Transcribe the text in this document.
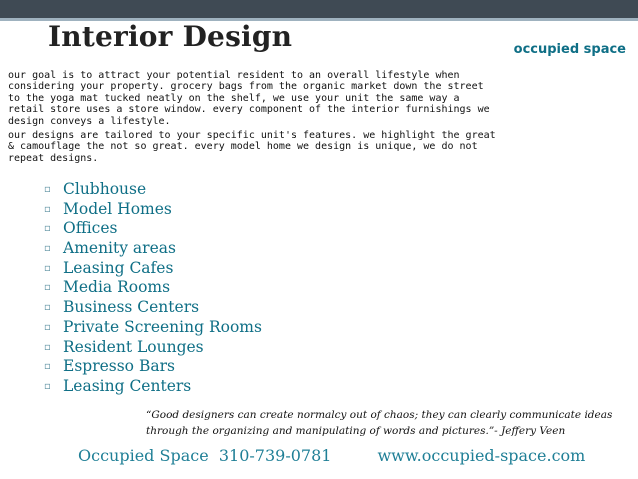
Interior Design	occupied space

our goal is to attract your potential resident to an overall lifestyle when considering your property. grocery bags from the organic market down the street to the yoga mat tucked neatly on the shelf, we use your unit the same way a retail store uses a store window. every component of the interior furnishings we design conveys a lifestyle.

our designs are tailored to your specific unit's features. we highlight the great & camouflage the not so great. every model home we design is unique, we do not repeat designs.

▫ Clubhouse
▫ Model Homes
▫ Offices
▫ Amenity areas
▫ Leasing Cafes
▫ Media Rooms
▫ Business Centers
▫ Private Screening Rooms
▫ Resident Lounges
▫ Espresso Bars
▫ Leasing Centers
“Good designers can create normalcy out of chaos; they can clearly communicate ideas through the organizing and manipulating of words and pictures.”- Jeffery Veen
Occupied Space  310-739-0781	www.occupied-space.com
